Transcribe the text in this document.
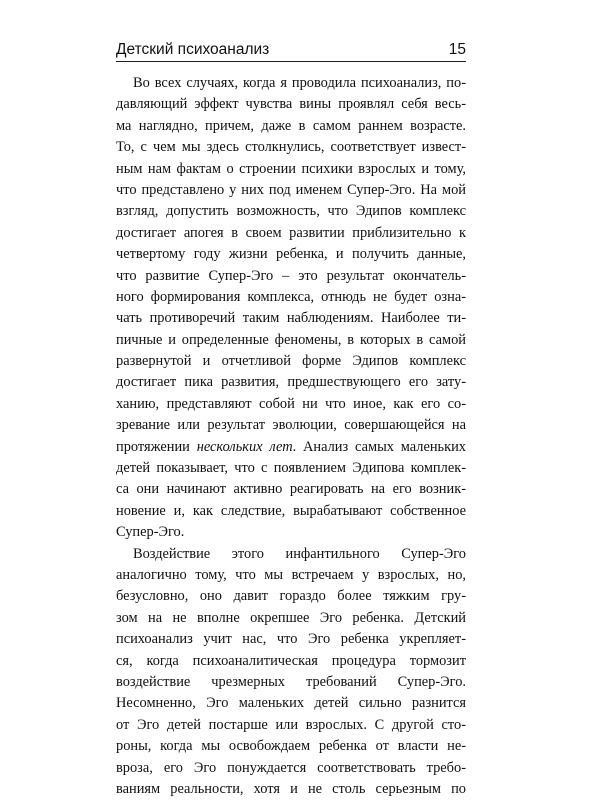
Детский психоанализ	15
Во всех случаях, когда я проводила психоанализ, по-
давляющий эффект чувства вины проявлял себя весь-
ма наглядно, причем, даже в самом раннем возрасте.
То, с чем мы здесь столкнулись, соответствует извест-
ным нам фактам о строении психики взрослых и тому,
что представлено у них под именем Супер-Эго. На мой
взгляд, допустить возможность, что Эдипов комплекс
достигает апогея в своем развитии приблизительно к
четвертому году жизни ребенка, и получить данные,
что развитие Супер-Эго – это результат окончатель-
ного формирования комплекса, отнюдь не будет озна-
чать противоречий таким наблюдениям. Наиболее ти-
пичные и определенные феномены, в которых в самой
развернутой и отчетливой форме Эдипов комплекс
достигает пика развития, предшествующего его зату-
ханию, представляют собой ни что иное, как его со-
зревание или результат эволюции, совершающейся на
протяжении нескольких лет. Анализ самых маленьких
детей показывает, что с появлением Эдипова комплек-
са они начинают активно реагировать на его возник-
новение и, как следствие, вырабатывают собственное
Супер-Эго.
Воздействие этого инфантильного Супер-Эго
аналогично тому, что мы встречаем у взрослых, но,
безусловно, оно давит гораздо более тяжким гру-
зом на не вполне окрепшее Эго ребенка. Детский
психоанализ учит нас, что Эго ребенка укрепляет-
ся, когда психоаналитическая процедура тормозит
воздействие чрезмерных требований Супер-Эго.
Несомненно, Эго маленьких детей сильно разнится
от Эго детей постарше или взрослых. С другой сто-
роны, когда мы освобождаем ребенка от власти не-
вроза, его Эго понуждается соответствовать требо-
ваниям реальности, хотя и не столь серьезным по
